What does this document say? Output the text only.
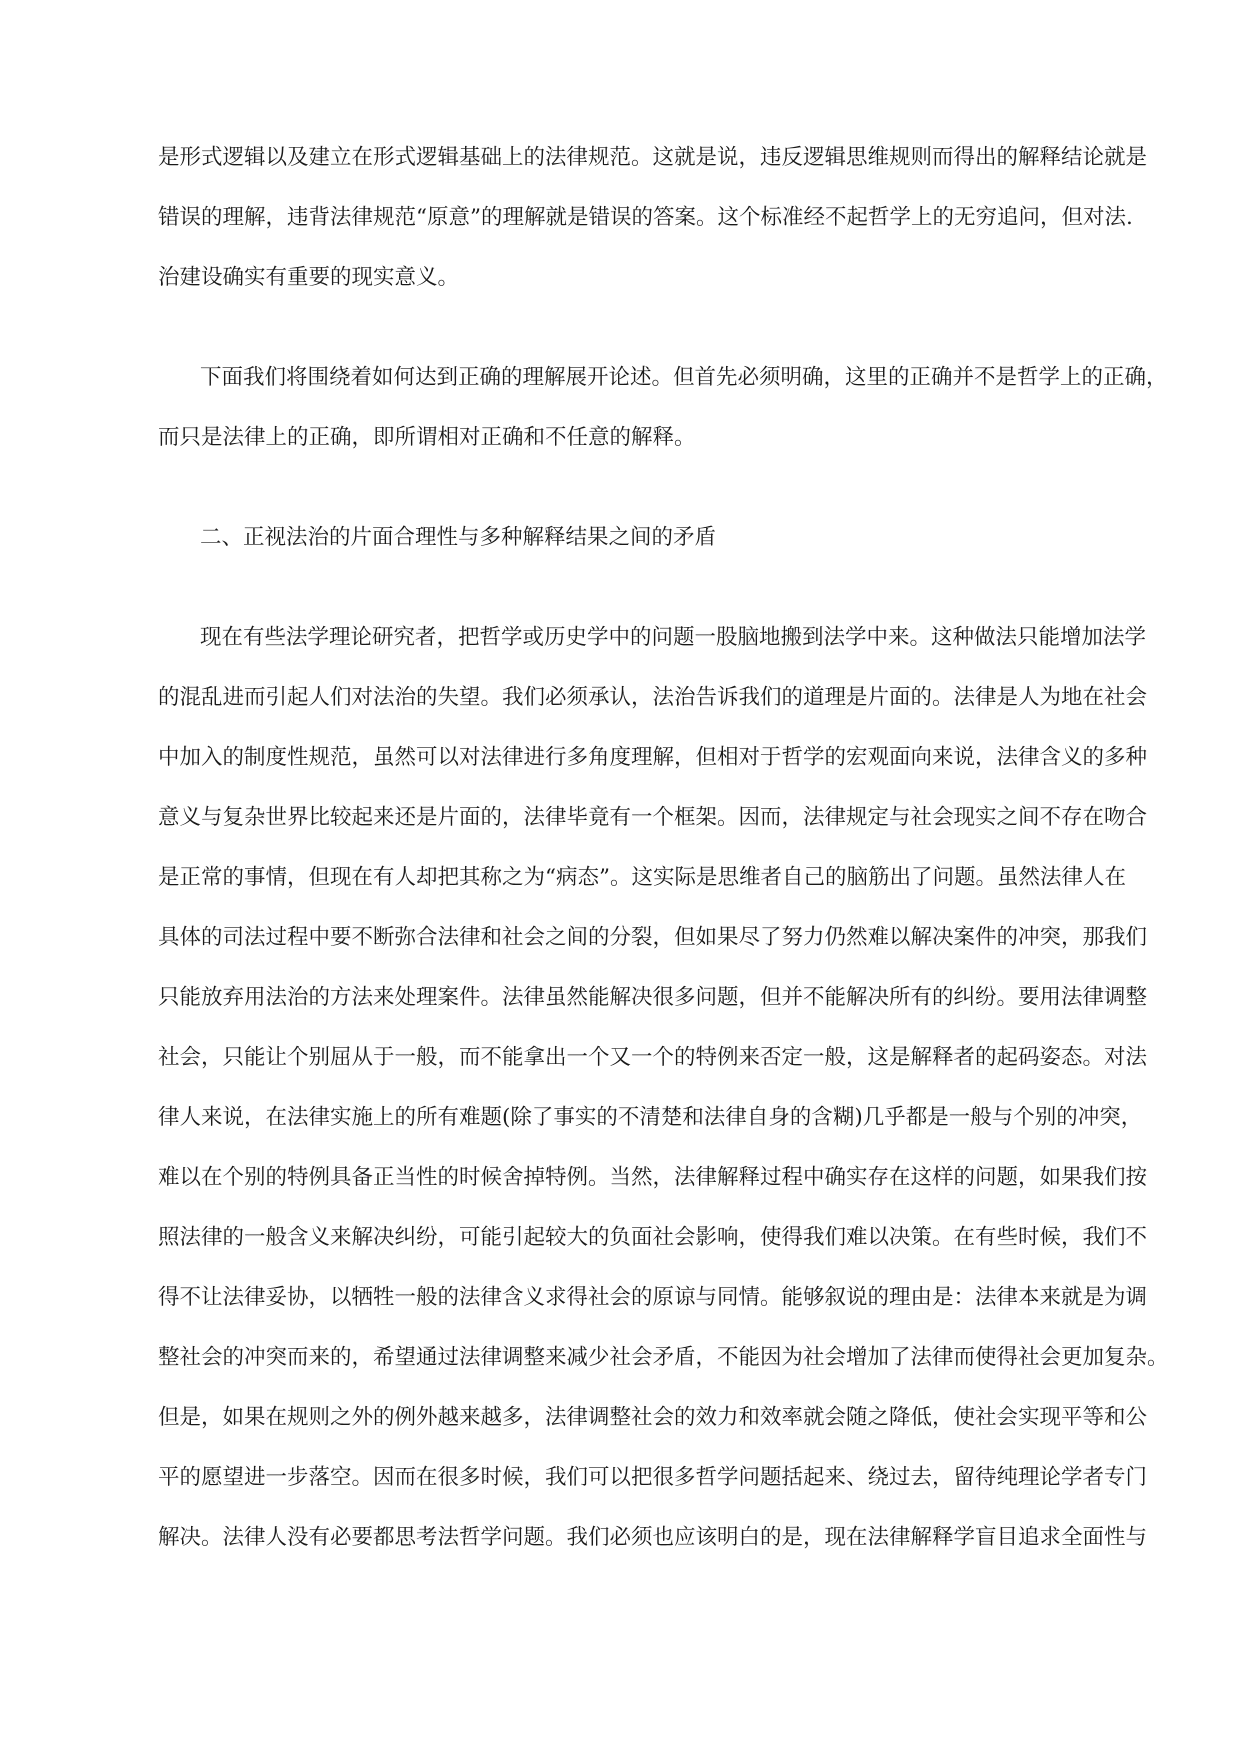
是形式逻辑以及建立在形式逻辑基础上的法律规范。这就是说，违反逻辑思维规则而得出的解释结论就是
错误的理解，违背法律规范“原意”的理解就是错误的答案。这个标准经不起哲学上的无穷追问，但对法.
治建设确实有重要的现实意义。
下面我们将围绕着如何达到正确的理解展开论述。但首先必须明确，这里的正确并不是哲学上的正确，
而只是法律上的正确，即所谓相对正确和不任意的解释。
二、正视法治的片面合理性与多种解释结果之间的矛盾
现在有些法学理论研究者，把哲学或历史学中的问题一股脑地搬到法学中来。这种做法只能增加法学
的混乱进而引起人们对法治的失望。我们必须承认，法治告诉我们的道理是片面的。法律是人为地在社会
中加入的制度性规范，虽然可以对法律进行多角度理解，但相对于哲学的宏观面向来说，法律含义的多种
意义与复杂世界比较起来还是片面的，法律毕竟有一个框架。因而，法律规定与社会现实之间不存在吻合
是正常的事情，但现在有人却把其称之为“病态”。这实际是思维者自己的脑筋出了问题。虽然法律人在
具体的司法过程中要不断弥合法律和社会之间的分裂，但如果尽了努力仍然难以解决案件的冲突，那我们
只能放弃用法治的方法来处理案件。法律虽然能解决很多问题，但并不能解决所有的纠纷。要用法律调整
社会，只能让个别屈从于一般，而不能拿出一个又一个的特例来否定一般，这是解释者的起码姿态。对法
律人来说，在法律实施上的所有难题(除了事实的不清楚和法律自身的含糊)几乎都是一般与个别的冲突，
难以在个别的特例具备正当性的时候舍掉特例。当然，法律解释过程中确实存在这样的问题，如果我们按
照法律的一般含义来解决纠纷，可能引起较大的负面社会影响，使得我们难以决策。在有些时候，我们不
得不让法律妥协，以牺牲一般的法律含义求得社会的原谅与同情。能够叙说的理由是：法律本来就是为调
整社会的冲突而来的，希望通过法律调整来减少社会矛盾，不能因为社会增加了法律而使得社会更加复杂。
但是，如果在规则之外的例外越来越多，法律调整社会的效力和效率就会随之降低，使社会实现平等和公
平的愿望进一步落空。因而在很多时候，我们可以把很多哲学问题括起来、绕过去，留待纯理论学者专门
解决。法律人没有必要都思考法哲学问题。我们必须也应该明白的是，现在法律解释学盲目追求全面性与
